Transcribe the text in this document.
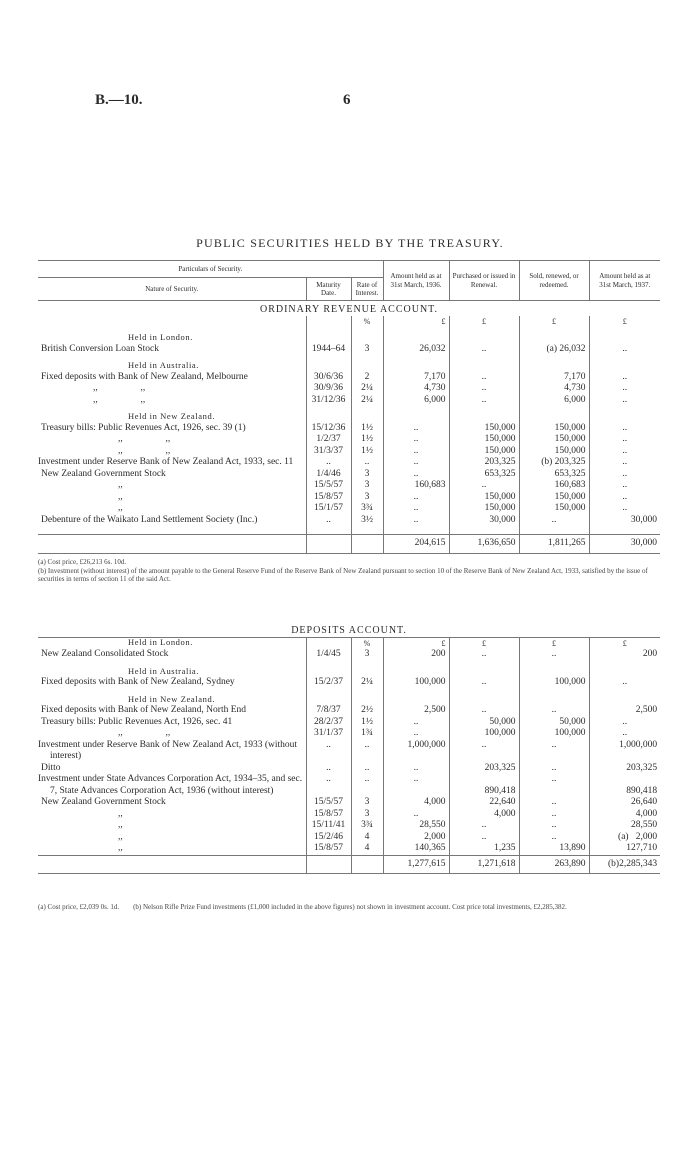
B.—10.	6
PUBLIC SECURITIES HELD BY THE TREASURY.
Particulars of Security.			Amount held as at 31st March, 1936.	Purchased or issued in Renewal.	Sold, renewed, or redeemed.	Amount held as at 31st March, 1937.
Nature of Security.	Maturity Date.	Rate of Interest.				
ORDINARY REVENUE ACCOUNT.						
		%	£	£	£	£
Held in London.						
British Conversion Loan Stock	1944–64	3	26,032	..	(a) 26,032	..
Held in Australia.						
Fixed deposits with Bank of New Zealand, Melbourne	30/6/36	2	7,170	..	7,170	..
,,                  ,,	30/9/36	2¼	4,730	..	4,730	..
,,                  ,,	31/12/36	2¼	6,000	..	6,000	..
Held in New Zealand.						
Treasury bills: Public Revenues Act, 1926, sec. 39 (1)	15/12/36	1½	..	150,000	150,000	..
,,                  ,,	1/2/37	1½	..	150,000	150,000	..
,,                  ,,	31/3/37	1½	..	150,000	150,000	..
Investment under Reserve Bank of New Zealand Act, 1933, sec. 11	..	..	..	203,325	(b) 203,325	..
New Zealand Government Stock	1/4/46	3	..	653,325	653,325	..
,,	15/5/57	3	160,683	..	160,683	..
,,	15/8/57	3	..	150,000	150,000	..
,,	15/1/57	3¾	..	150,000	150,000	..
Debenture of the Waikato Land Settlement Society (Inc.)	..	3½	..	30,000	..	30,000

			204,615	1,636,650	1,811,265	30,000
(a) Cost price, £26,213 6s. 10d.(b) Investment (without interest) of the amount payable to the General Reserve Fund of the Reserve Bank of New Zealand pursuant to section 10 of the Reserve Bank of New Zealand Act, 1933, satisfied by the issue of securities in terms of section 11 of the said Act.
DEPOSITS ACCOUNT.						
Held in London.		%	£	£	£	£
New Zealand Consolidated Stock	1/4/45	3	200	..	..	200
Held in Australia.						
Fixed deposits with Bank of New Zealand, Sydney	15/2/37	2¼	100,000	..	100,000	..
Held in New Zealand.						
Fixed deposits with Bank of New Zealand, North End	7/8/37	2½	2,500	..	..	2,500
Treasury bills: Public Revenues Act, 1926, sec. 41	28/2/37	1½	..	50,000	50,000	..
,,                  ,,	31/1/37	1¾	..	100,000	100,000	..
Investment under Reserve Bank of New Zealand Act, 1933 (without interest)	..	..	1,000,000	..	..	1,000,000
Ditto	..	..	..	203,325	..	203,325
Investment under State Advances Corporation Act, 1934–35, and sec. 7, State Advances Corporation Act, 1936 (without interest)	..	..	..	890,418	..	890,418
New Zealand Government Stock	15/5/57	3	4,000	22,640	..	26,640
,,	15/8/57	3	..	4,000	..	4,000
,,	15/11/41	3¾	28,550	..	..	28,550
,,	15/2/46	4	2,000	..	..	(a)   2,000
,,	15/8/57	4	140,365	1,235	13,890	127,710
			1,277,615	1,271,618	263,890	(b)2,285,343
(a) Cost price, £2,039 0s. 1d. (b) Nelson Rifle Prize Fund investments (£1,000 included in the above figures) not shown in investment account. Cost price total investments, £2,285,382.
